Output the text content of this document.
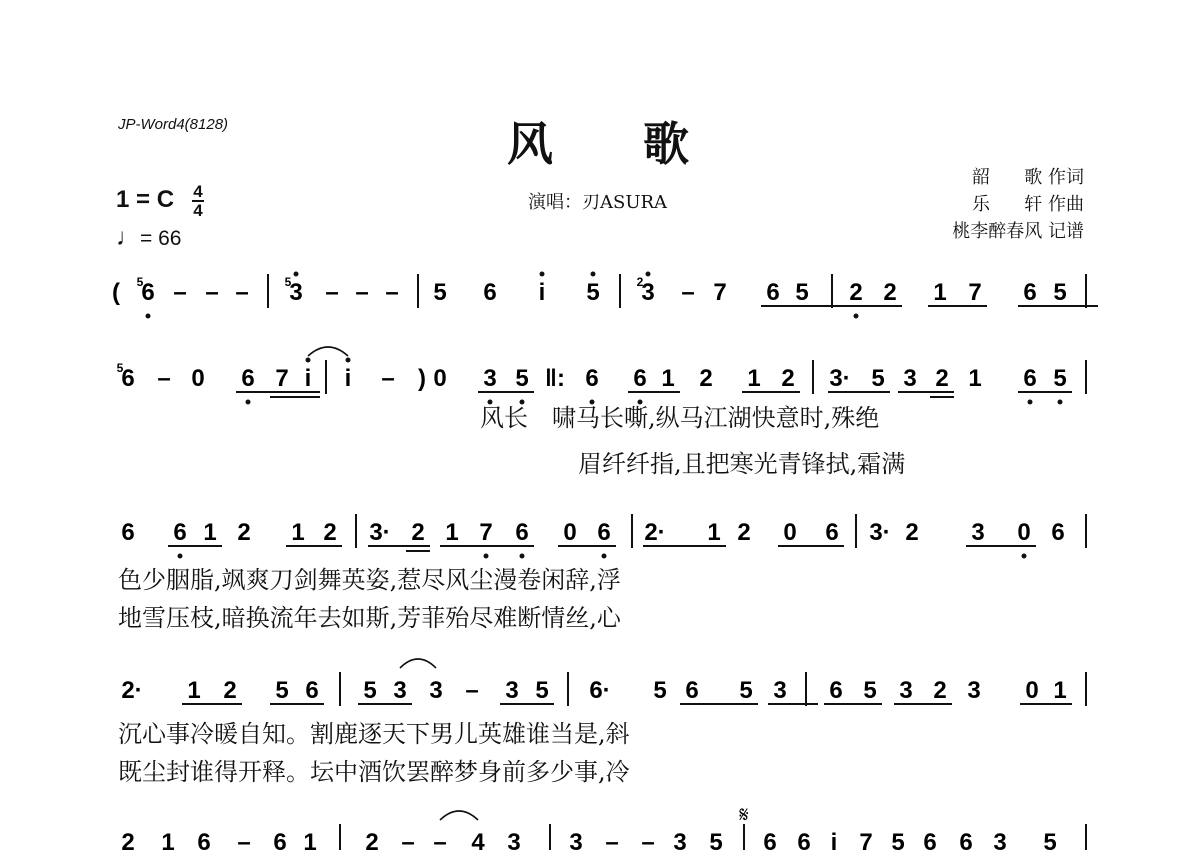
JP-Word4(8128)	风 歌
演唱：刃ASURA
韶      歌 作词
乐      轩 作曲
桃李醉春风 记谱
1 = C 4
4
♩= 66
( 6 – – – 3 – – – 5 6 i 5 3 – 7 6 5 2 2 1 7 6 5
5	5	2
6 – 0 6 7 i i – ) 0 3 5 ‖: 6 6 1 2 1 2 3· 5 3 2 1 6 5
5
6 6 1 2 1 2 3· 2 1 7 6 0 6 2· 1 2 0 6 3· 2 3 0 6
2· 1 2 5 6 5 3 3 – 3 5 6· 5 6 5 3 6 5 3 2 3 0 1
2 1 6 – 6 1 2 – – 4 3 3 – – 3 5 6 6 i 7 5 6 6 3 5
𝄋
风长　啸马长嘶,纵马江湖快意时,殊绝
眉纤纤指,且把寒光青锋拭,霜满
色少胭脂,飒爽刀剑舞英姿,惹尽风尘漫卷闲辞,浮
地雪压枝,暗换流年去如斯,芳菲殆尽难断情丝,心
沉心事冷暖自知。割鹿逐天下男儿英雄谁当是,斜
既尘封谁得开释。坛中酒饮罢醉梦身前多少事,冷
